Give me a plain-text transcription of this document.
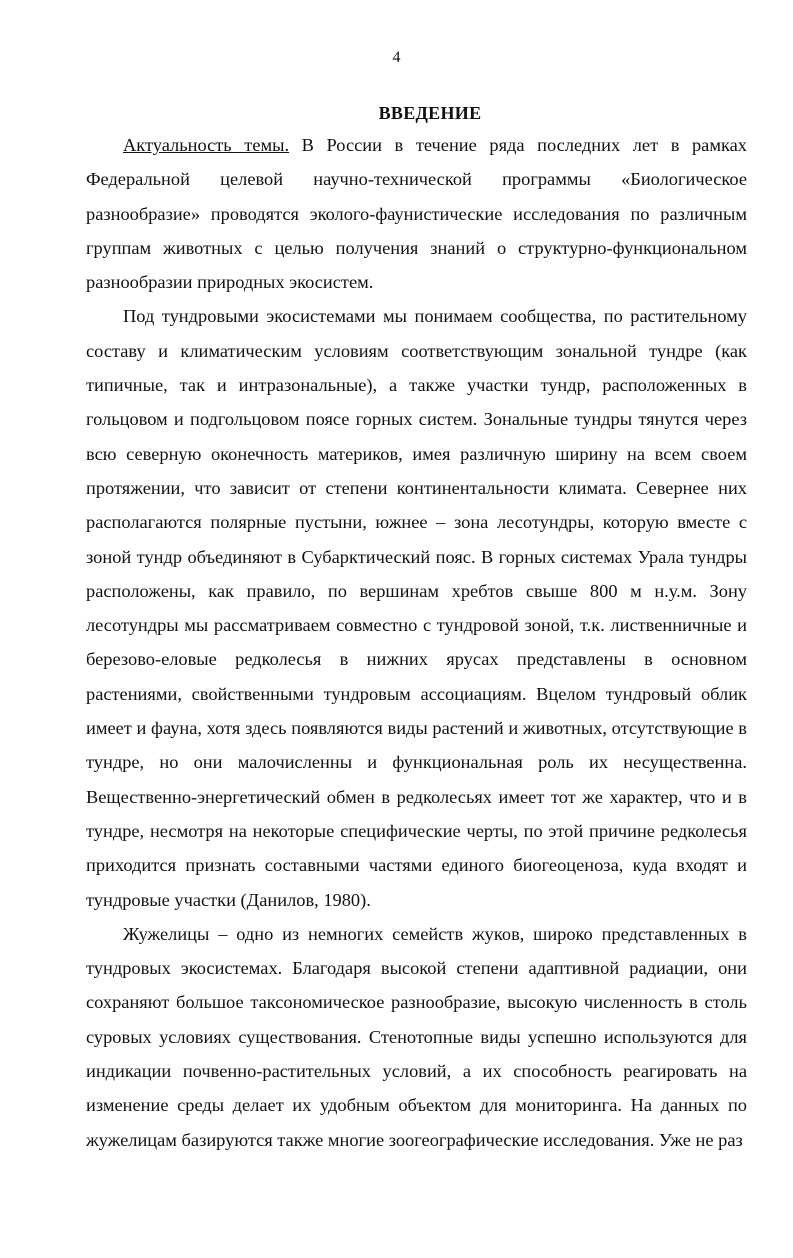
4
ВВЕДЕНИЕ

Актуальность темы. В России в течение ряда последних лет в рамках Федеральной целевой научно-технической программы «Биологическое разнообразие» проводятся эколого-фаунистические исследования по различным группам животных с целью получения знаний о структурно-функциональном разнообразии природных экосистем.

Под тундровыми экосистемами мы понимаем сообщества, по растительному составу и климатическим условиям соответствующим зональной тундре (как типичные, так и интразональные), а также участки тундр, расположенных в гольцовом и подгольцовом поясе горных систем. Зональные тундры тянутся через всю северную оконечность материков, имея различную ширину на всем своем протяжении, что зависит от степени континентальности климата. Севернее них располагаются полярные пустыни, южнее – зона лесотундры, которую вместе с зоной тундр объединяют в Субарктический пояс. В горных системах Урала тундры расположены, как правило, по вершинам хребтов свыше 800 м н.у.м. Зону лесотундры мы рассматриваем совместно с тундровой зоной, т.к. лиственничные и березово-еловые редколесья в нижних ярусах представлены в основном растениями, свойственными тундровым ассоциациям. Вцелом тундровый облик имеет и фауна, хотя здесь появляются виды растений и животных, отсутствующие в тундре, но они малочисленны и функциональная роль их несущественна. Вещественно-энергетический обмен в редколесьях имеет тот же характер, что и в тундре, несмотря на некоторые специфические черты, по этой причине редколесья приходится признать составными частями единого биогеоценоза, куда входят и тундровые участки (Данилов, 1980).

Жужелицы – одно из немногих семейств жуков, широко представленных в тундровых экосистемах. Благодаря высокой степени адаптивной радиации, они сохраняют большое таксономическое разнообразие, высокую численность в столь суровых условиях существования. Стенотопные виды успешно используются для индикации почвенно-растительных условий, а их способность реагировать на изменение среды делает их удобным объектом для мониторинга. На данных по жужелицам базируются также многие зоогеографические исследования. Уже не раз
